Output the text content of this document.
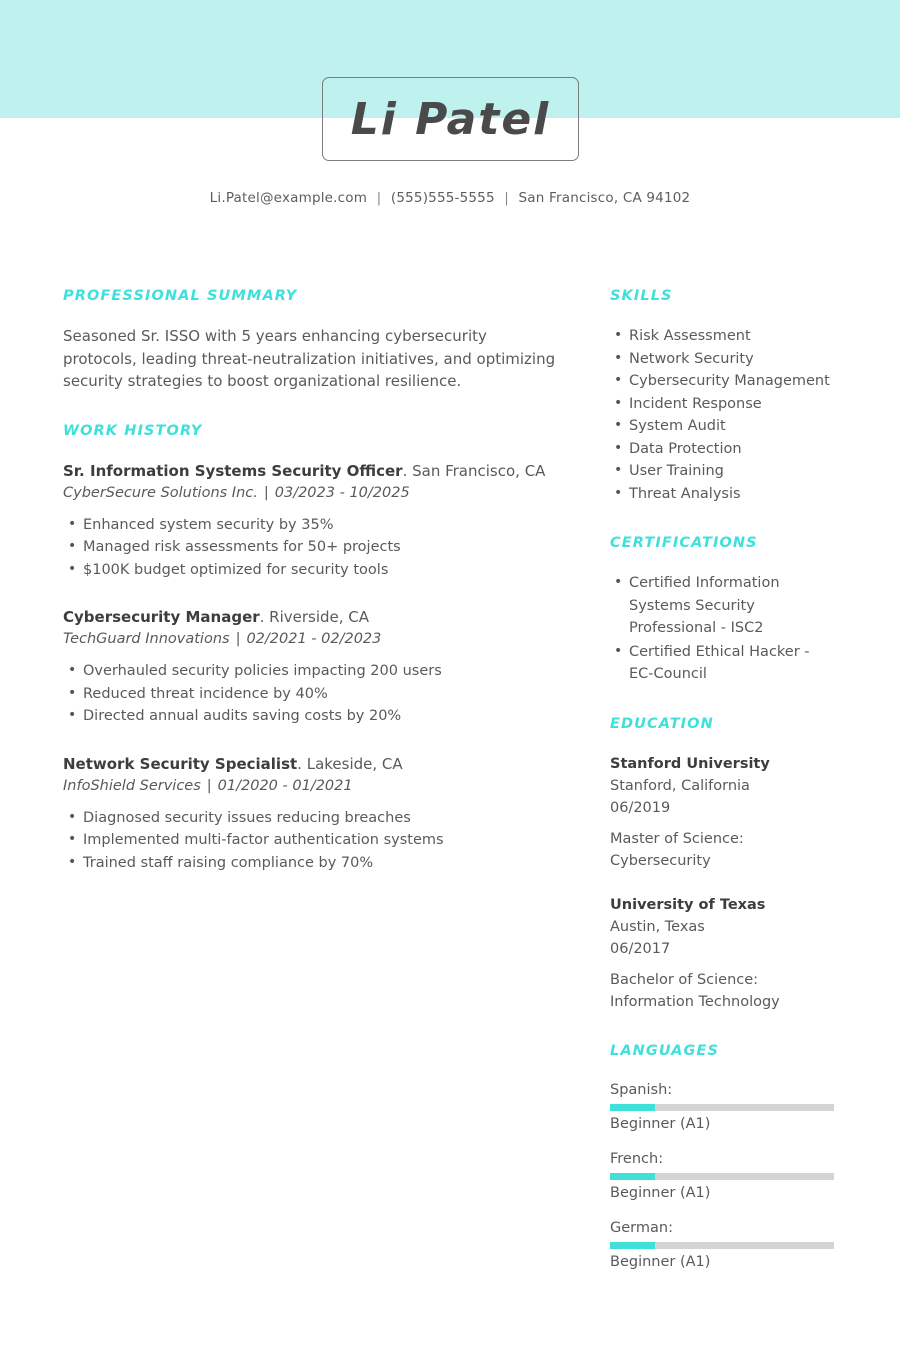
Li Patel
Li.Patel@example.com | (555)555-5555 | San Francisco, CA 94102
PROFESSIONAL SUMMARY
Seasoned Sr. ISSO with 5 years enhancing cybersecurity protocols, leading threat-neutralization initiatives, and optimizing security strategies to boost organizational resilience.
WORK HISTORY
Sr. Information Systems Security Officer. San Francisco, CA
CyberSecure Solutions Inc. | 03/2023 - 10/2025
• Enhanced system security by 35%
• Managed risk assessments for 50+ projects
• $100K budget optimized for security tools
Cybersecurity Manager. Riverside, CA
TechGuard Innovations | 02/2021 - 02/2023
• Overhauled security policies impacting 200 users
• Reduced threat incidence by 40%
• Directed annual audits saving costs by 20%
Network Security Specialist. Lakeside, CA
InfoShield Services | 01/2020 - 01/2021
• Diagnosed security issues reducing breaches
• Implemented multi-factor authentication systems
• Trained staff raising compliance by 70%
SKILLS
• Risk Assessment
• Network Security
• Cybersecurity Management
• Incident Response
• System Audit
• Data Protection
• User Training
• Threat Analysis
CERTIFICATIONS
• Certified Information Systems Security Professional - ISC2
• Certified Ethical Hacker - EC-Council
EDUCATION
Stanford University
Stanford, California
06/2019
Master of Science: Cybersecurity
University of Texas
Austin, Texas
06/2017
Bachelor of Science: Information Technology
LANGUAGES
Spanish:
Beginner (A1)
French:
Beginner (A1)
German:
Beginner (A1)
